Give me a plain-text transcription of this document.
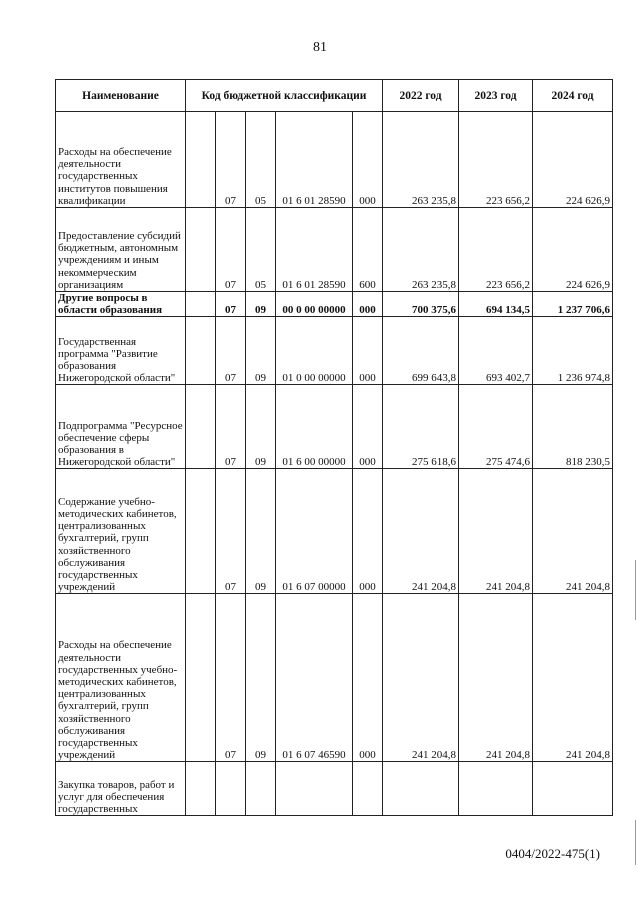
81
Наименование	Код бюджетной классификации					2022 год	2023 год	2024 год
Расходы на обеспечение деятельности государственных институтов повышения квалификации		07	05	01 6 01 28590	000	263 235,8	223 656,2	224 626,9
Предоставление субсидий бюджетным, автономным учреждениям и иным некоммерческим организациям		07	05	01 6 01 28590	600	263 235,8	223 656,2	224 626,9
Другие вопросы в области образования		07	09	00 0 00 00000	000	700 375,6	694 134,5	1 237 706,6
Государственная программа "Развитие образования Нижегородской области"		07	09	01 0 00 00000	000	699 643,8	693 402,7	1 236 974,8
Подпрограмма "Ресурсное обеспечение сферы образования в Нижегородской области"		07	09	01 6 00 00000	000	275 618,6	275 474,6	818 230,5
Содержание учебно-методических кабинетов, централизованных бухгалтерий, групп хозяйственного обслуживания государственных учреждений		07	09	01 6 07 00000	000	241 204,8	241 204,8	241 204,8
Расходы на обеспечение деятельности государственных учебно-методических кабинетов, централизованных бухгалтерий, групп хозяйственного обслуживания государственных учреждений		07	09	01 6 07 46590	000	241 204,8	241 204,8	241 204,8
Закупка товаров, работ и услуг для обеспечения государственных								
0404/2022-475(1)
